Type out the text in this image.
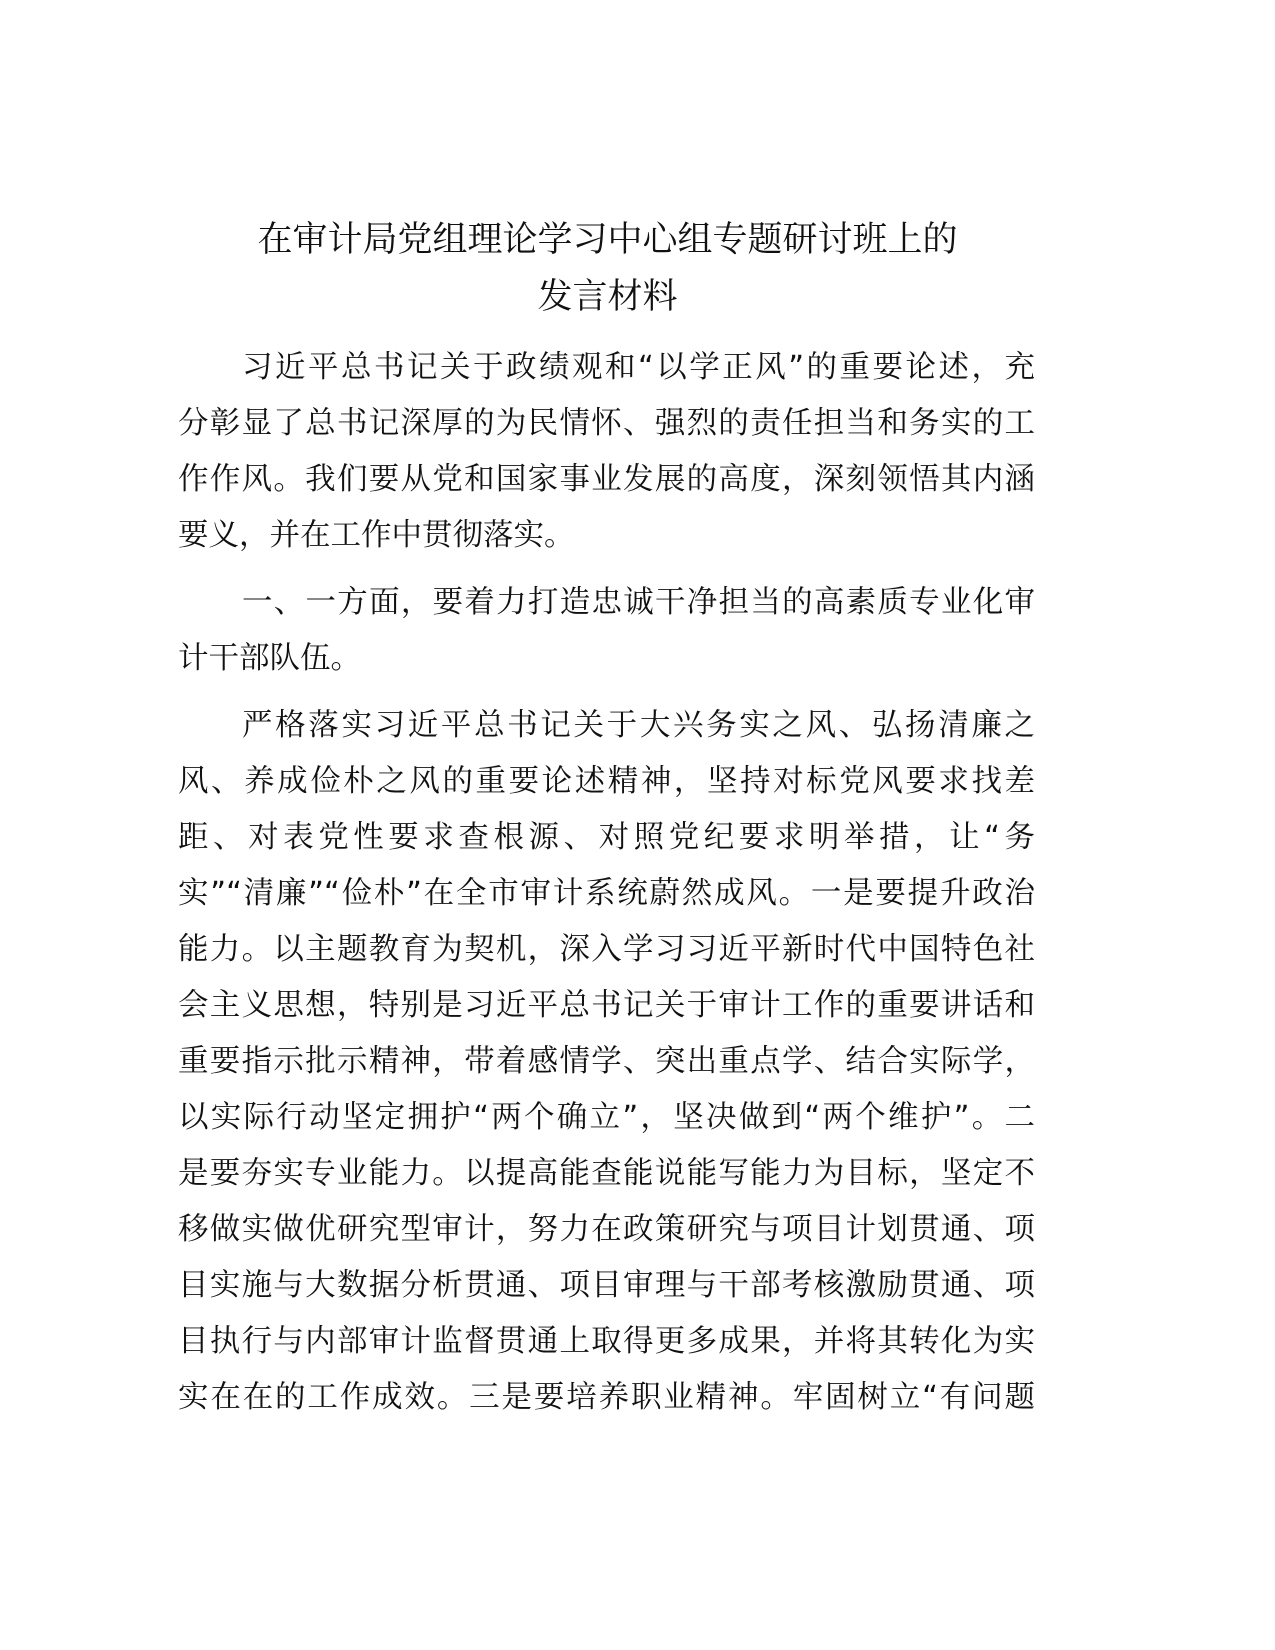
在审计局党组理论学习中心组专题研讨班上的
发言材料
习近平总书记关于政绩观和“以学正风”的重要论述，充
分彰显了总书记深厚的为民情怀、强烈的责任担当和务实的工
作作风。我们要从党和国家事业发展的高度，深刻领悟其内涵
要义，并在工作中贯彻落实。
一、一方面，要着力打造忠诚干净担当的高素质专业化审
计干部队伍。
严格落实习近平总书记关于大兴务实之风、弘扬清廉之
风、养成俭朴之风的重要论述精神，坚持对标党风要求找差
距、对表党性要求查根源、对照党纪要求明举措，让“务
实”“清廉”“俭朴”在全市审计系统蔚然成风。一是要提升政治
能力。以主题教育为契机，深入学习习近平新时代中国特色社
会主义思想，特别是习近平总书记关于审计工作的重要讲话和
重要指示批示精神，带着感情学、突出重点学、结合实际学，
以实际行动坚定拥护“两个确立”，坚决做到“两个维护”。二
是要夯实专业能力。以提高能查能说能写能力为目标，坚定不
移做实做优研究型审计，努力在政策研究与项目计划贯通、项
目实施与大数据分析贯通、项目审理与干部考核激励贯通、项
目执行与内部审计监督贯通上取得更多成果，并将其转化为实
实在在的工作成效。三是要培养职业精神。牢固树立“有问题
